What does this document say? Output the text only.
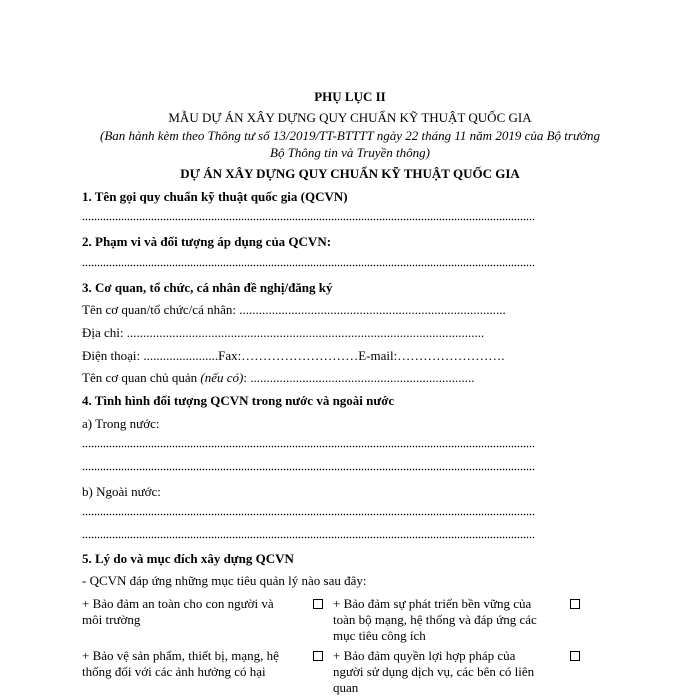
PHỤ LỤC II
MẪU DỰ ÁN XÂY DỰNG QUY CHUẨN KỸ THUẬT QUỐC GIA
(Ban hành kèm theo Thông tư số 13/2019/TT-BTTTT ngày 22 tháng 11 năm 2019 của Bộ trưởng
Bộ Thông tin và Truyền thông)
DỰ ÁN XÂY DỰNG QUY CHUẨN KỸ THUẬT QUỐC GIA
1. Tên gọi quy chuẩn kỹ thuật quốc gia (QCVN)
2. Phạm vi và đối tượng áp dụng của QCVN:
3. Cơ quan, tổ chức, cá nhân đề nghị/đăng ký
Tên cơ quan/tổ chức/cá nhân: ..................................................................................
Địa chỉ: ..............................................................................................................
Điện thoại: .......................Fax:………………………E-mail:…………………….
Tên cơ quan chủ quản (nếu có): .....................................................................
4. Tình hình đối tượng QCVN trong nước và ngoài nước
a) Trong nước:
b) Ngoài nước:
5. Lý do và mục đích xây dựng QCVN
- QCVN đáp ứng những mục tiêu quản lý nào sau đây:
+ Bảo đảm an toàn cho con người và
môi trường
+ Bảo đảm sự phát triển bền vững của
toàn bộ mạng, hệ thống và đáp ứng các
mục tiêu công ích
+ Bảo vệ sản phẩm, thiết bị, mạng, hệ
thống đối với các ảnh hưởng có hại
+ Bảo đảm quyền lợi hợp pháp của
người sử dụng dịch vụ, các bên có liên
quan
